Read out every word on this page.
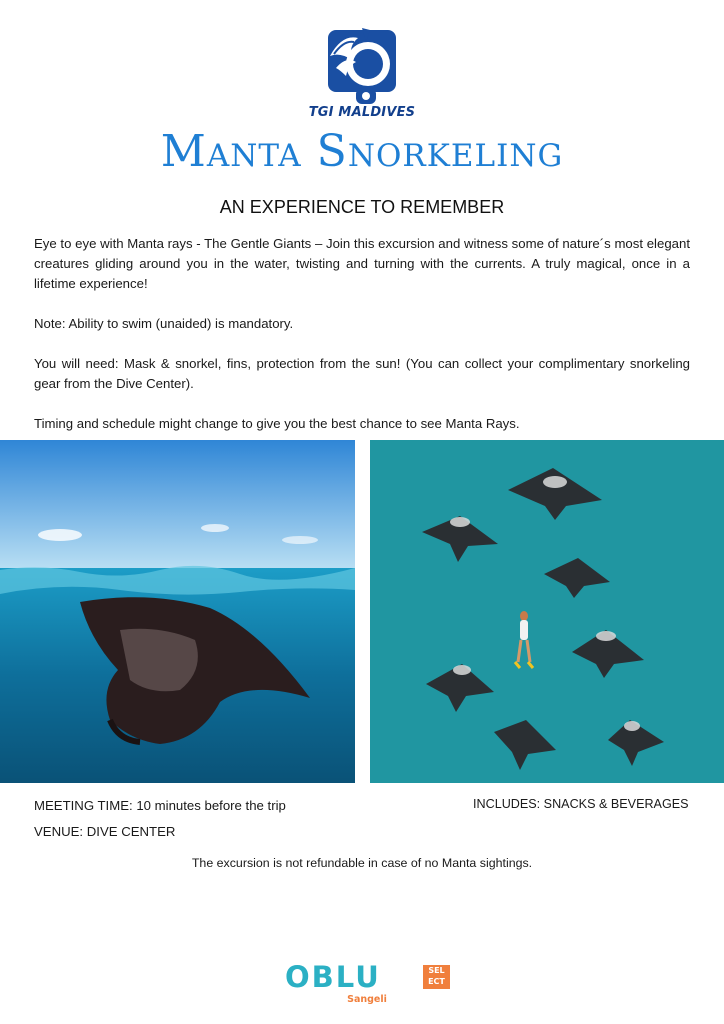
TGI MALDIVES
Manta Snorkeling
AN EXPERIENCE TO REMEMBER

Eye to eye with Manta rays - The Gentle Giants – Join this excursion and witness some of nature´s most elegant creatures gliding around you in the water, twisting and turning with the currents. A truly magical, once in a lifetime experience!

Note: Ability to swim (unaided) is mandatory.

You will need: Mask & snorkel, fins, protection from the sun! (You can collect your complimentary snorkeling gear from the Dive Center).

Timing and schedule might change to give you the best chance to see Manta Rays.

MEETING TIME: 10 minutes before the trip	INCLUDES: SNACKS & BEVERAGES
VENUE: DIVE CENTER
The excursion is not refundable in case of no Manta sightings.
OBLU	SEL
ECT
Sangeli
